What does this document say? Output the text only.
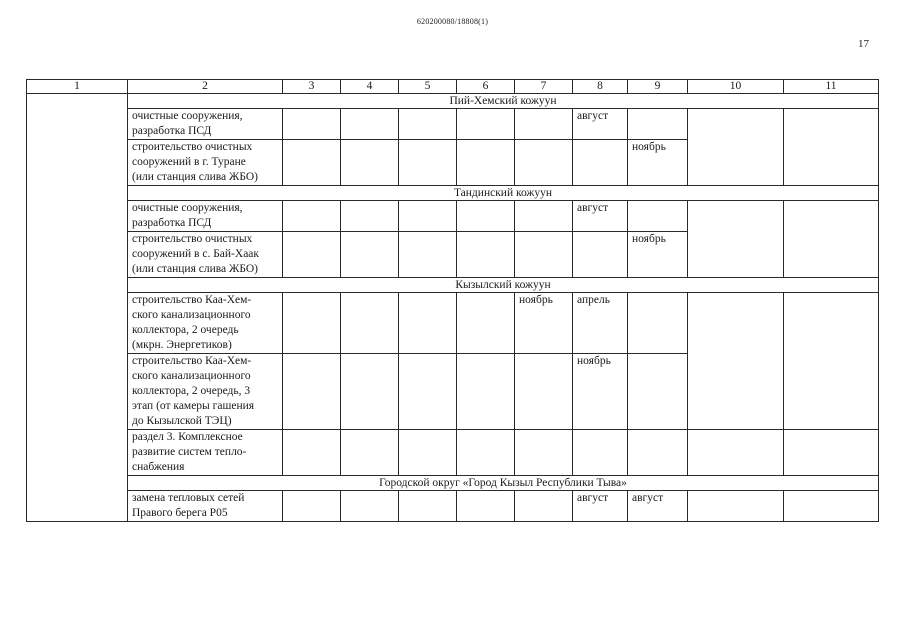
620200080/18808(1)
17
1	2	3	4	5	6	7	8	9	10	11
	Пий-Хемский кожуун									

	очистные сооружения,
разработка ПСД						август			

	строительство очистных
сооружений в г. Туране
(или станция слива ЖБО)							ноябрь		
	Тандинский кожуун									

	очистные сооружения,
разработка ПСД						август			

	строительство очистных
сооружений в с. Бай-Хаак
(или станция слива ЖБО)							ноябрь		
	Кызылский кожуун									

	строительство Каа-Хем-
ского канализационного
коллектора, 2 очередь
(мкрн. Энергетиков)					ноябрь	апрель			

	строительство Каа-Хем-
ского канализационного
коллектора, 2 очередь, 3
этап (от камеры гашения
до Кызылской ТЭЦ)						ноябрь			

	раздел 3. Комплексное
развитие систем тепло-
снабжения									

	Городской округ «Город Кызыл Республики Тыва»									

	замена тепловых сетей
Правого берега Р05						август	август		
